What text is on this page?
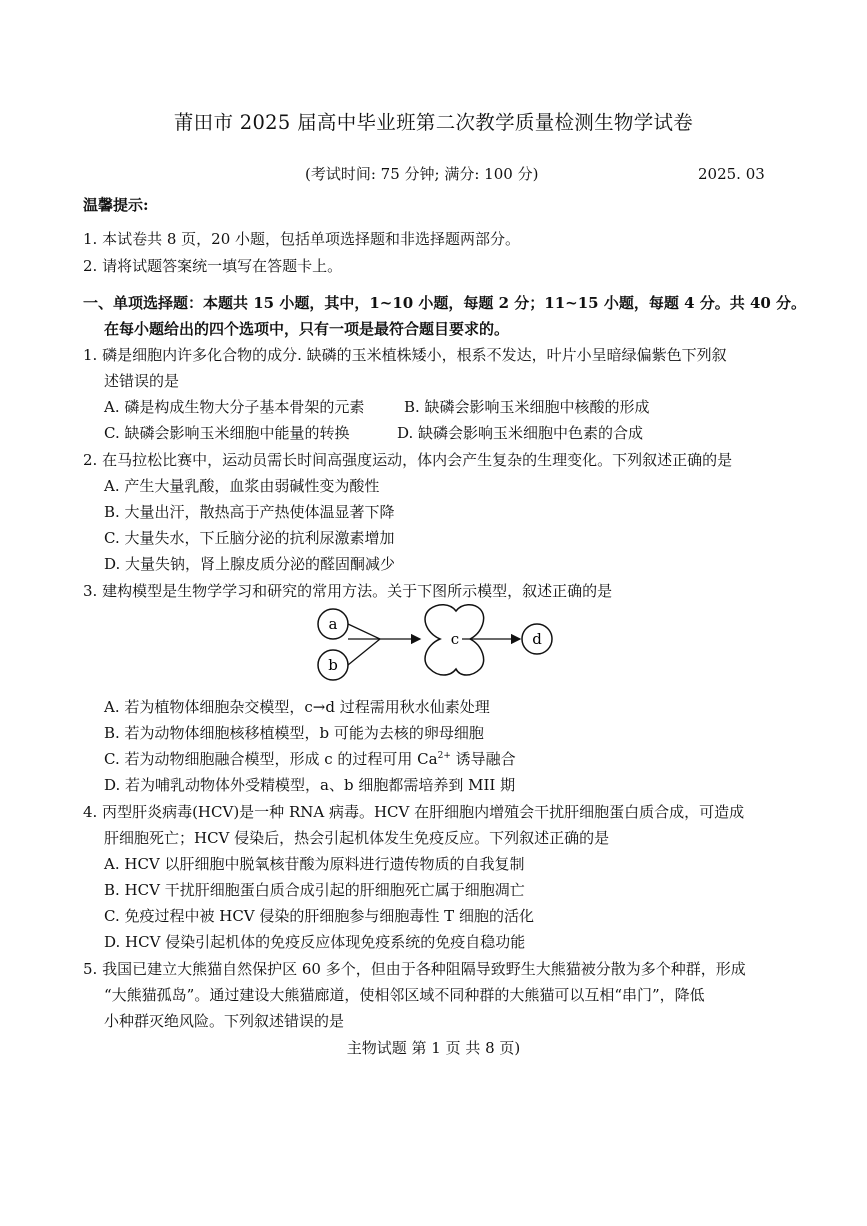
莆田市 2025 届高中毕业班第二次教学质量检测生物学试卷
(考试时间: 75 分钟; 满分: 100 分)	2025. 03
温馨提示:
1. 本试卷共 8 页，20 小题，包括单项选择题和非选择题两部分。
2. 请将试题答案统一填写在答题卡上。
一、单项选择题：本题共 15 小题，其中，1~10 小题，每题 2 分；11~15 小题，每题 4 分。共 40 分。
在每小题给出的四个选项中，只有一项是最符合题目要求的。
1. 磷是细胞内许多化合物的成分. 缺磷的玉米植株矮小，根系不发达，叶片小呈暗绿偏紫色下列叙
述错误的是
A. 磷是构成生物大分子基本骨架的元素	B. 缺磷会影响玉米细胞中核酸的形成
C. 缺磷会影响玉米细胞中能量的转换	D. 缺磷会影响玉米细胞中色素的合成
2. 在马拉松比赛中，运动员需长时间高强度运动，体内会产生复杂的生理变化。下列叙述正确的是
A. 产生大量乳酸，血浆由弱碱性变为酸性
B. 大量出汗，散热高于产热使体温显著下降
C. 大量失水，下丘脑分泌的抗利尿激素增加
D. 大量失钠，肾上腺皮质分泌的醛固酮减少
3. 建构模型是生物学学习和研究的常用方法。关于下图所示模型，叙述正确的是
a
b
c	d
A. 若为植物体细胞杂交模型，c→d 过程需用秋水仙素处理
B. 若为动物体细胞核移植模型，b 可能为去核的卵母细胞
C. 若为动物细胞融合模型，形成 c 的过程可用 $Ca^{2+}$ 诱导融合
D. 若为哺乳动物体外受精模型，a、b 细胞都需培养到 MII 期
4. 丙型肝炎病毒(HCV)是一种 RNA 病毒。HCV 在肝细胞内增殖会干扰肝细胞蛋白质合成，可造成
肝细胞死亡；HCV 侵染后，热会引起机体发生免疫反应。下列叙述正确的是
A. HCV 以肝细胞中脱氧核苷酸为原料进行遗传物质的自我复制
B. HCV 干扰肝细胞蛋白质合成引起的肝细胞死亡属于细胞凋亡
C. 免疫过程中被 HCV 侵染的肝细胞参与细胞毒性 T 细胞的活化
D. HCV 侵染引起机体的免疫反应体现免疫系统的免疫自稳功能
5. 我国已建立大熊猫自然保护区 60 多个，但由于各种阻隔导致野生大熊猫被分散为多个种群，形成
“大熊猫孤岛”。通过建设大熊猫廊道，使相邻区域不同种群的大熊猫可以互相“串门”，降低
小种群灭绝风险。下列叙述错误的是
主物试题 第 1 页 共 8 页)
